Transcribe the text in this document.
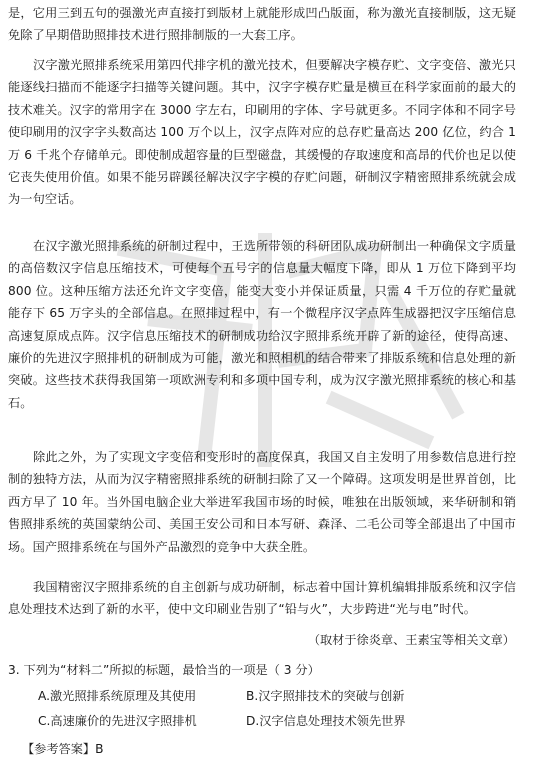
是，它用三到五句的强激光声直接打到版材上就能形成凹凸版面，称为激光直接制版，这无疑免除了早期借助照排技术进行照排制版的一大套工序。

汉字激光照排系统采用第四代排字机的激光技术，但要解决字模存贮、文字变倍、激光只能逐线扫描而不能逐字扫描等关键问题。其中，汉字字模存贮量是横亘在科学家面前的最大的技术难关。汉字的常用字在 3000 字左右，印刷用的字体、字号就更多。不同字体和不同字号使印刷用的汉字字头数高达 100 万个以上，汉字点阵对应的总存贮量高达 200 亿位，约合 1 万 6 千兆个存储单元。即使制成超容量的巨型磁盘，其缓慢的存取速度和高昂的代价也足以使它丧失使用价值。如果不能另辟蹊径解决汉字字模的存贮问题，研制汉字精密照排系统就会成为一句空话。

在汉字激光照排系统的研制过程中，王选所带领的科研团队成功研制出一种确保文字质量的高倍数汉字信息压缩技术，可使每个五号字的信息量大幅度下降，即从 1 万位下降到平均 800 位。这种压缩方法还允许文字变倍，能变大变小并保证质量，只需 4 千万位的存贮量就能存下 65 万字头的全部信息。在照排过程中，有一个微程序汉字点阵生成器把汉字压缩信息高速复原成点阵。汉字信息压缩技术的研制成功给汉字照排系统开辟了新的途径，使得高速、廉价的先进汉字照排机的研制成为可能，激光和照相机的结合带来了排版系统和信息处理的新突破。这些技术获得我国第一项欧洲专利和多项中国专利，成为汉字激光照排系统的核心和基石。

除此之外，为了实现文字变倍和变形时的高度保真，我国又自主发明了用参数信息进行控制的独特方法，从而为汉字精密照排系统的研制扫除了又一个障碍。这项发明是世界首创，比西方早了 10 年。当外国电脑企业大举进军我国市场的时候，唯独在出版领域，来华研制和销售照排系统的英国蒙纳公司、美国王安公司和日本写研、森泽、二毛公司等全部退出了中国市场。国产照排系统在与国外产品激烈的竞争中大获全胜。

我国精密汉字照排系统的自主创新与成功研制，标志着中国计算机编辑排版系统和汉字信息处理技术达到了新的水平，使中文印刷业告别了“铅与火”，大步跨进“光与电”时代。

（取材于徐炎章、王素宝等相关文章）

3. 下列为“材料二”所拟的标题，最恰当的一项是（ 3 分）

A.激光照排系统原理及其使用	B.汉字照排技术的突破与创新

C.高速廉价的先进汉字照排机	D.汉字信息处理技术领先世界

【参考答案】B
